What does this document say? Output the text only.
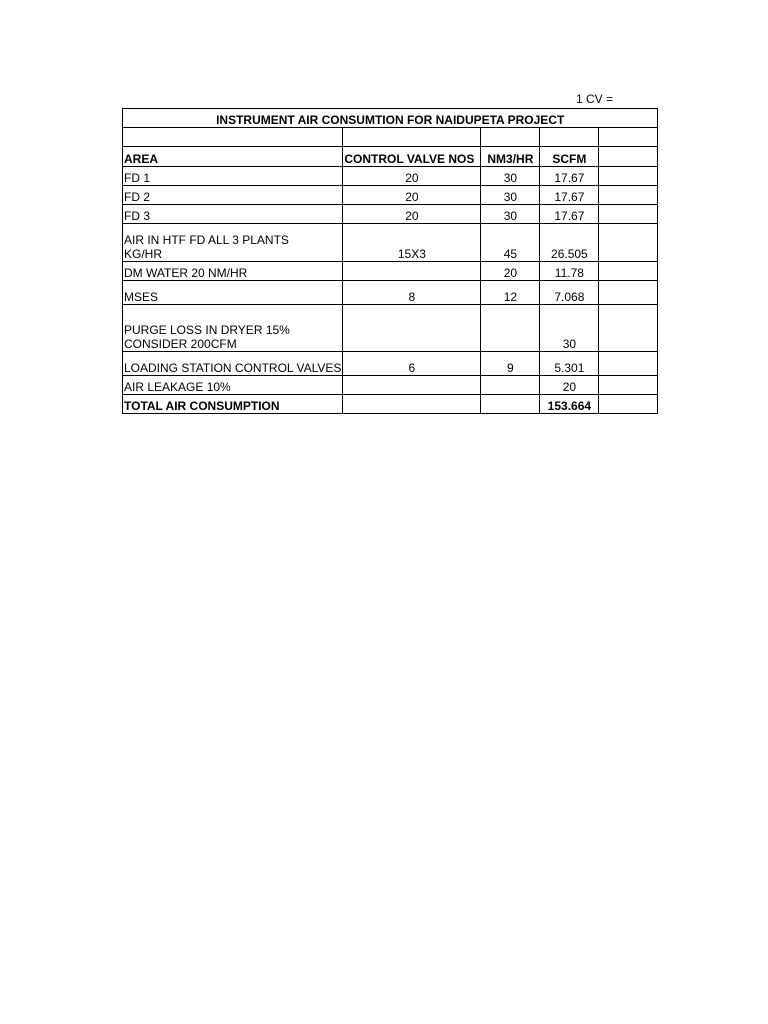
1 CV =
INSTRUMENT AIR CONSUMTION FOR NAIDUPETA PROJECT				

AREA	CONTROL VALVE NOS	NM3/HR	SCFM	
FD 1	20	30	17.67	
FD 2	20	30	17.67	
FD 3	20	30	17.67	

AIR IN HTF FD ALL 3 PLANTS
KG/HR	15X3	45	26.505	
DM WATER 20 NM/HR		20	11.78	
MSES	8	12	7.068	

PURGE LOSS IN DRYER 15%
CONSIDER 200CFM			30	
LOADING STATION CONTROL VALVES	6	9	5.301	
AIR LEAKAGE 10%			20	
TOTAL AIR CONSUMPTION			153.664	
